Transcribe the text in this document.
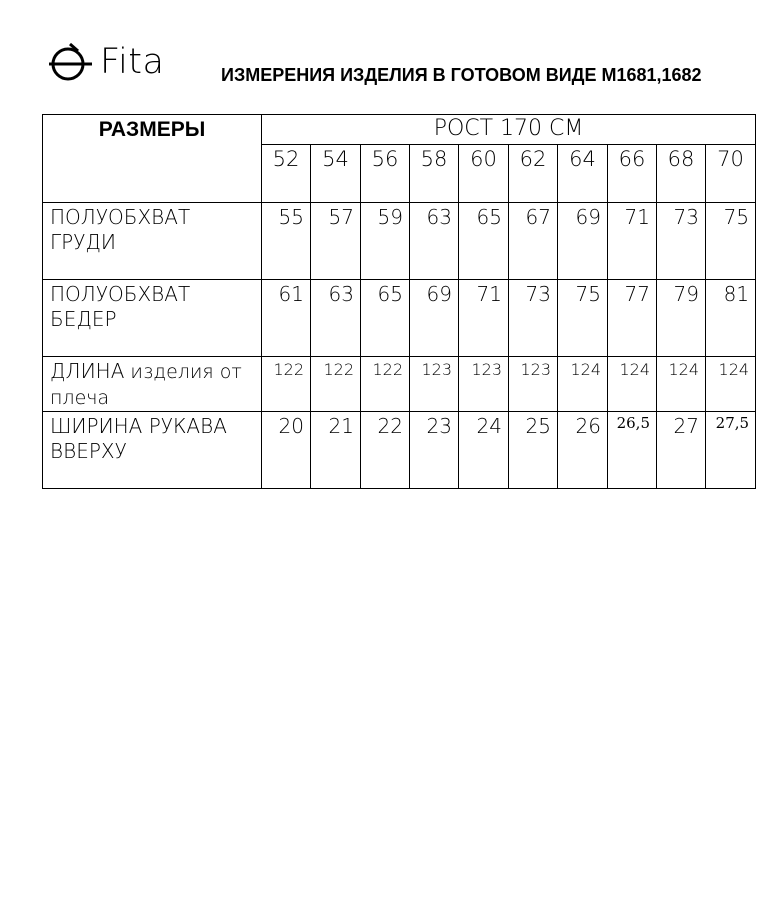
Fita	ИЗМЕРЕНИЯ ИЗДЕЛИЯ В ГОТОВОМ ВИДЕ М1681,1682
РАЗМЕРЫ	РОСТ 170 СМ									
	52	54	56	58	60	62	64	66	68	70
ПОЛУОБХВАТ ГРУДИ	55	57	59	63	65	67	69	71	73	75
ПОЛУОБХВАТ БЕДЕР	61	63	65	69	71	73	75	77	79	81
ДЛИНА изделия от плеча	122	122	122	123	123	123	124	124	124	124
ШИРИНА РУКАВА ВВЕРХУ	20	21	22	23	24	25	26	26,5	27	27,5
